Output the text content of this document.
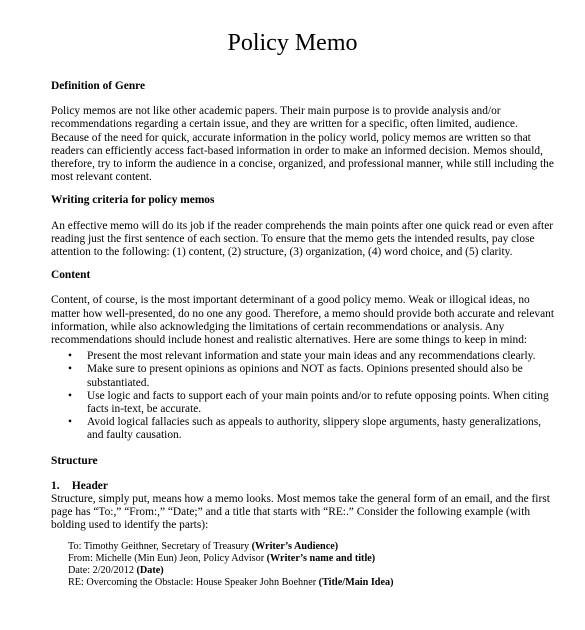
Policy Memo
Definition of Genre

Policy memos are not like other academic papers. Their main purpose is to provide analysis and/or recommendations regarding a certain issue, and they are written for a specific, often limited, audience. Because of the need for quick, accurate information in the policy world, policy memos are written so that readers can efficiently access fact-based information in order to make an informed decision. Memos should, therefore, try to inform the audience in a concise, organized, and professional manner, while still including the most relevant content.

Writing criteria for policy memos

An effective memo will do its job if the reader comprehends the main points after one quick read or even after reading just the first sentence of each section. To ensure that the memo gets the intended results, pay close attention to the following: (1) content, (2) structure, (3) organization, (4) word choice, and (5) clarity.

Content

Content, of course, is the most important determinant of a good policy memo. Weak or illogical ideas, no matter how well-presented, do no one any good. Therefore, a memo should provide both accurate and relevant information, while also acknowledging the limitations of certain recommendations or analysis. Any recommendations should include honest and realistic alternatives. Here are some things to keep in mind:

• Present the most relevant information and state your main ideas and any recommendations clearly.
• Make sure to present opinions as opinions and NOT as facts. Opinions presented should also be substantiated.
• Use logic and facts to support each of your main points and/or to refute opposing points. When citing facts in-text, be accurate.
• Avoid logical fallacies such as appeals to authority, slippery slope arguments, hasty generalizations, and faulty causation.
Structure
1. Header

Structure, simply put, means how a memo looks. Most memos take the general form of an email, and the first page has “To:,” “From:,” “Date;” and a title that starts with “RE:.” Consider the following example (with bolding used to identify the parts):

To: Timothy Geithner, Secretary of Treasury (Writer’s Audience)
From: Michelle (Min Eun) Jeon, Policy Advisor (Writer’s name and title)
Date: 2/20/2012 (Date)
RE: Overcoming the Obstacle: House Speaker John Boehner (Title/Main Idea)
